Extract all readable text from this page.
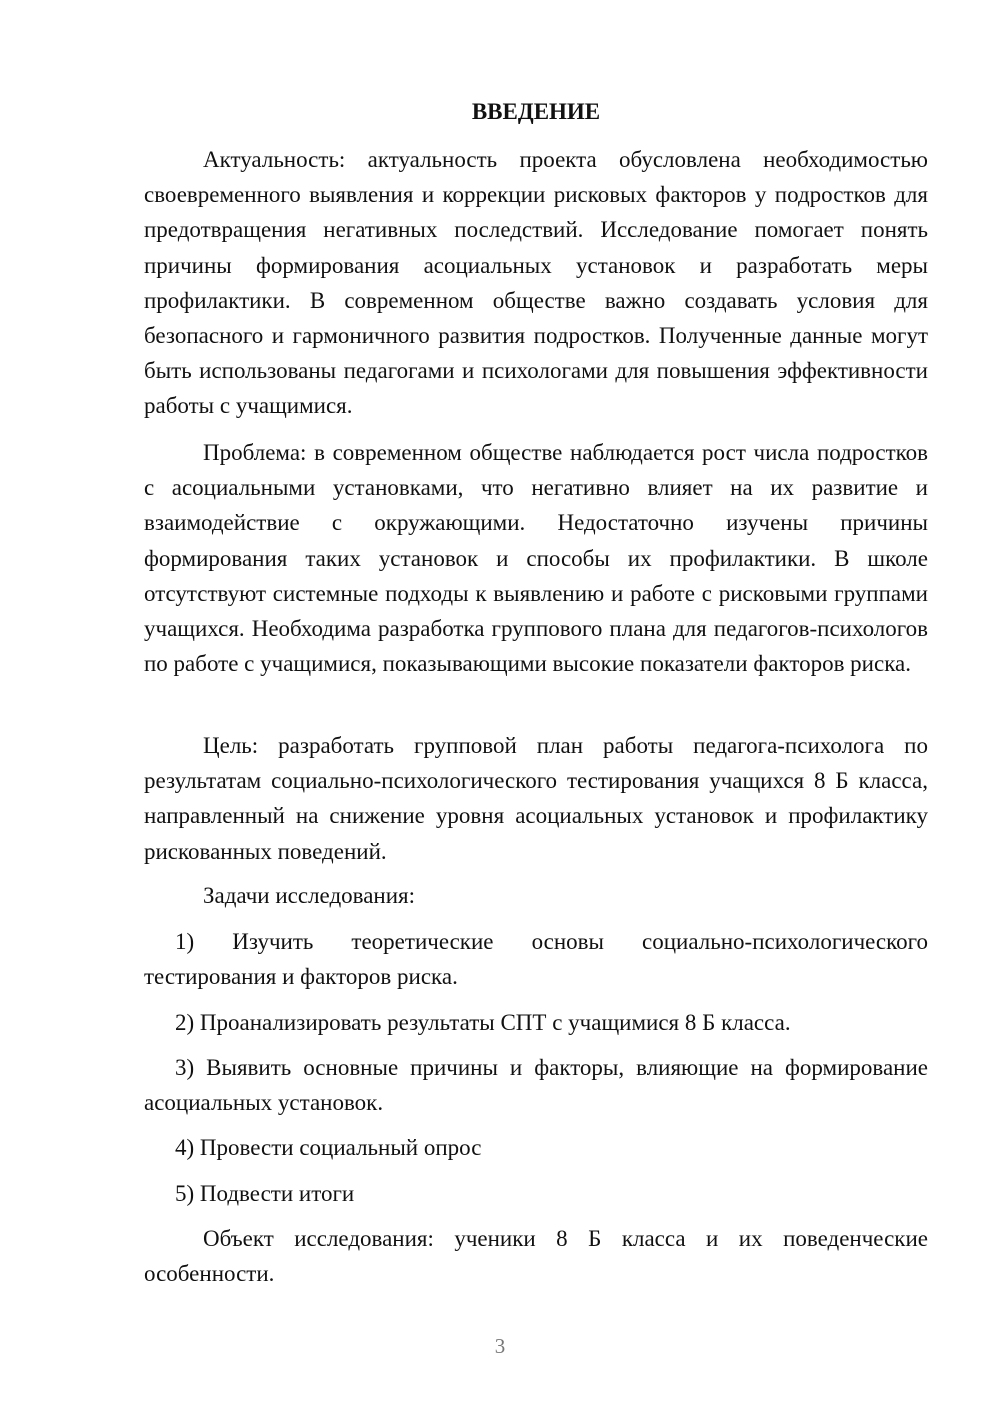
ВВЕДЕНИЕ

Актуальность: актуальность проекта обусловлена необходимостью своевременного выявления и коррекции рисковых факторов у подростков для предотвращения негативных последствий. Исследование помогает понять причины формирования асоциальных установок и разработать меры профилактики. В современном обществе важно создавать условия для безопасного и гармоничного развития подростков. Полученные данные могут быть использованы педагогами и психологами для повышения эффективности работы с учащимися.

Проблема: в современном обществе наблюдается рост числа подростков с асоциальными установками, что негативно влияет на их развитие и взаимодействие с окружающими. Недостаточно изучены причины формирования таких установок и способы их профилактики. В школе отсутствуют системные подходы к выявлению и работе с рисковыми группами учащихся. Необходима разработка группового плана для педагогов-психологов по работе с учащимися, показывающими высокие показатели факторов риска.

Цель: разработать групповой план работы педагога-психолога по результатам социально-психологического тестирования учащихся 8 Б класса, направленный на снижение уровня асоциальных установок и профилактику рискованных поведений.

Задачи исследования:

1) Изучить теоретические основы социально-психологического тестирования и факторов риска.

2) Проанализировать результаты СПТ с учащимися 8 Б класса.

3) Выявить основные причины и факторы, влияющие на формирование асоциальных установок.

4) Провести социальный опрос

5) Подвести итоги

Объект исследования: ученики 8 Б класса и их поведенческие особенности.

3
